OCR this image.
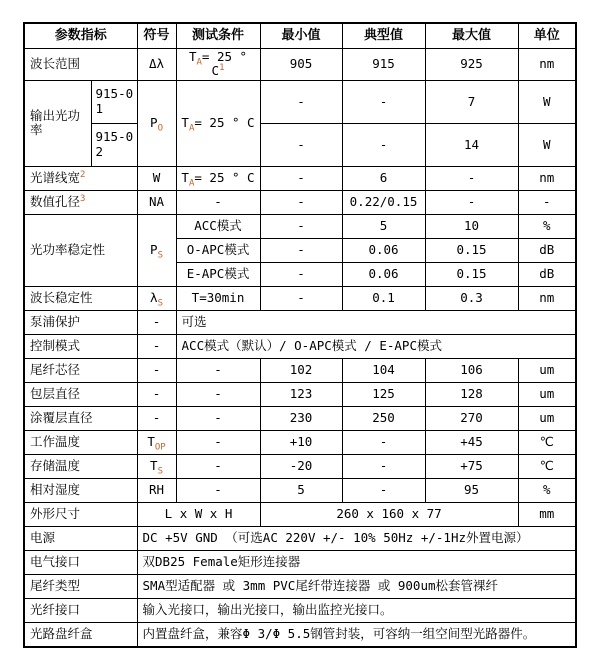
参数指标		符号	测试条件	最小值	典型值	最大值	单位
波长范围		Δλ	$T_A= 25$ ° $C^1$	905	915	925	nm
输出光功率	915-01	$P_O$	$T_A= 25$ ° C	-	-	7	W
	915-02			-	-	14	W
光谱线宽$^2$		W	$T_A= 25$ ° C	-	6	-	nm
数值孔径$^3$		NA	-	-	0.22/0.15	-	-
光功率稳定性		$P_S$	ACC模式	-	5	10	%
			O-APC模式	-	0.06	0.15	dB
			E-APC模式	-	0.06	0.15	dB
波长稳定性		$\lambda_S$	T=30min	-	0.1	0.3	nm
泵浦保护		-	可选				
控制模式		-	ACC模式（默认）/ O-APC模式 / E-APC模式				
尾纤芯径		-	-	102	104	106	um
包层直径		-	-	123	125	128	um
涂覆层直径		-	-	230	250	270	um
工作温度		$T_{OP}$	-	+10	-	+45	℃
存储温度		$T_S$	-	-20	-	+75	℃
相对湿度		RH	-	5	-	95	%
外形尺寸		L x W x H		260 x 160 x 77			mm
电源		DC +5V GND （可选AC 220V +/- 10% 50Hz +/-1Hz外置电源）					
电气接口		双DB25 Female矩形连接器					
尾纤类型		SMA型适配器 或 3mm PVC尾纤带连接器 或 900um松套管裸纤					
光纤接口		输入光接口，输出光接口，输出监控光接口。					
光路盘纤盒		内置盘纤盒，兼容Φ 3/Φ 5.5钢管封装，可容纳一组空间型光路器件。					
